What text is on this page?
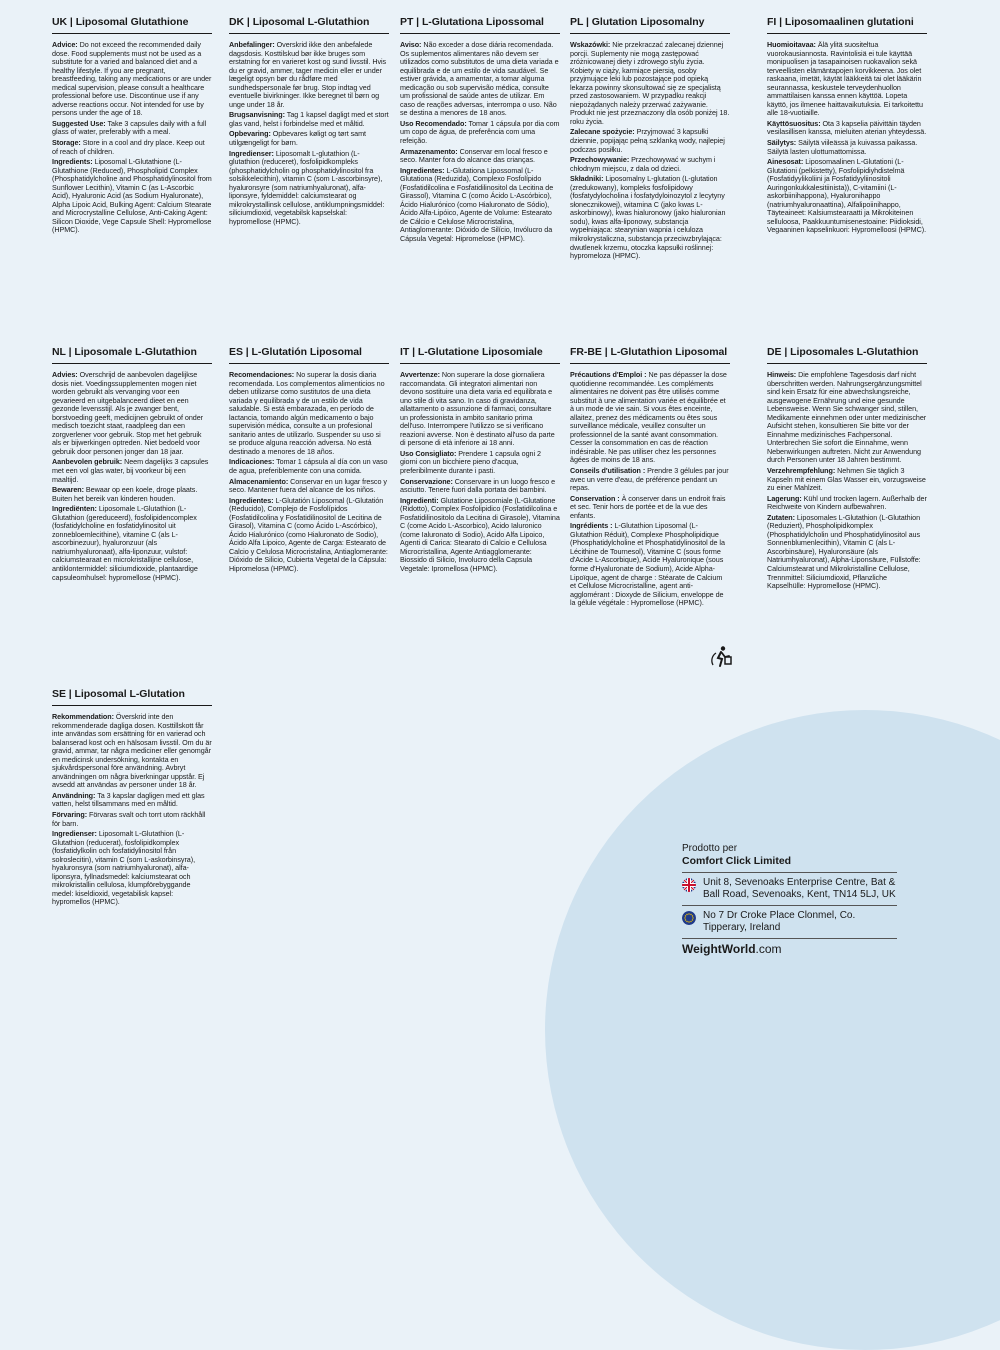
UK | Liposomal Glutathione

Advice: Do not exceed the recommended daily dose. Food supplements must not be used as a substitute for a varied and balanced diet and a healthy lifestyle. If you are pregnant, breastfeeding, taking any medications or are under medical supervision, please consult a healthcare professional before use. Discontinue use if any adverse reactions occur. Not intended for use by persons under the age of 18.

Suggested Use: Take 3 capsules daily with a full glass of water, preferably with a meal.

Storage: Store in a cool and dry place. Keep out of reach of children.

Ingredients: Liposomal L-Glutathione (L-Glutathione (Reduced), Phospholipid Complex (Phosphatidylcholine and Phosphatidylinositol from Sunflower Lecithin), Vitamin C (as L-Ascorbic Acid), Hyaluronic Acid (as Sodium Hyaluronate), Alpha Lipoic Acid, Bulking Agent: Calcium Stearate and Microcrystalline Cellulose, Anti-Caking Agent: Silicon Dioxide, Vege Capsule Shell: Hypromellose (HPMC).

DK | Liposomal L-Glutathion

Anbefalinger: Overskrid ikke den anbefalede dagsdosis. Kosttilskud bør ikke bruges som erstatning for en varieret kost og sund livsstil. Hvis du er gravid, ammer, tager medicin eller er under lægeligt opsyn bør du rådføre med sundhedspersonale før brug. Stop indtag ved eventuelle bivirkninger. Ikke beregnet til børn og unge under 18 år.

Brugsanvisning: Tag 1 kapsel dagligt med et stort glas vand, helst i forbindelse med et måltid.

Opbevaring: Opbevares køligt og tørt samt utilgængeligt for børn.

Ingredienser: Liposomalt L-glutathion (L-glutathion (reduceret), fosfolipidkompleks (phosphatidylcholin og phosphatidylinositol fra solsikkelecithin), vitamin C (som L-ascorbinsyre), hyaluronsyre (som natriumhyaluronat), alfa-liponsyre, fyldemiddel: calciumstearat og mikrokrystallinsk cellulose, antiklumpningsmiddel: siliciumdioxid, vegetabilsk kapselskal: hypromellose (HPMC).

PT | L-Glutationa Lipossomal

Aviso: Não exceder a dose diária recomendada. Os suplementos alimentares não devem ser utilizados como substitutos de uma dieta variada e equilibrada e de um estilo de vida saudável. Se estiver grávida, a amamentar, a tomar alguma medicação ou sob supervisão médica, consulte um profissional de saúde antes de utilizar. Em caso de reações adversas, interrompa o uso. Não se destina a menores de 18 anos.

Uso Recomendado: Tomar 1 cápsula por dia com um copo de água, de preferência com uma refeição.

Armazenamento: Conservar em local fresco e seco. Manter fora do alcance das crianças.

Ingredientes: L-Glutationa Lipossomal (L-Glutationa (Reduzida), Complexo Fosfolípido (Fosfatidilcolina e Fosfatidilinositol da Lecitina de Girassol), Vitamina C (como Ácido L-Ascórbico), Ácido Hialurónico (como Hialuronato de Sódio), Ácido Alfa-Lipóico, Agente de Volume: Estearato de Cálcio e Celulose Microcristalina, Antiaglomerante: Dióxido de Silício, Invólucro da Cápsula Vegetal: Hipromelose (HPMC).

PL | Glutation Liposomalny

Wskazówki: Nie przekraczać zalecanej dziennej porcji. Suplementy nie mogą zastępować zróżnicowanej diety i zdrowego stylu życia. Kobiety w ciąży, karmiące piersią, osoby przyjmujące leki lub pozostające pod opieką lekarza powinny skonsultować się ze specjalistą przed zastosowaniem. W przypadku reakcji niepożądanych należy przerwać zażywanie. Produkt nie jest przeznaczony dla osób poniżej 18. roku życia.

Zalecane spożycie: Przyjmować 3 kapsułki dziennie, popijając pełną szklanką wody, najlepiej podczas posiłku.

Przechowywanie: Przechowywać w suchym i chłodnym miejscu, z dala od dzieci.

Składniki: Liposomalny L-glutation (L-glutation (zredukowany), kompleks fosfolipidowy (fosfatydylocholina i fosfatydyloinozytol z lecytyny słonecznikowej), witamina C (jako kwas L-askorbinowy), kwas hialuronowy (jako hialuronian sodu), kwas alfa-liponowy, substancja wypełniająca: stearynian wapnia i celuloza mikrokrystaliczna, substancja przeciwzbrylająca: dwutlenek krzemu, otoczka kapsułki roślinnej: hypromeloza (HPMC).

FI | Liposomaalinen glutationi

Huomioitavaa: Älä ylitä suositeltua vuorokausiannosta. Ravintolisiä ei tule käyttää monipuolisen ja tasapainoisen ruokavalion sekä terveellisten elämäntapojen korvikkeena. Jos olet raskaana, imetät, käytät lääkkeitä tai olet lääkärin seurannassa, keskustele terveydenhuollon ammattilaisen kanssa ennen käyttöä. Lopeta käyttö, jos ilmenee haittavaikutuksia. Ei tarkoitettu alle 18-vuotiaille.

Käyttösuositus: Ota 3 kapselia päivittäin täyden vesilasillisen kanssa, mieluiten aterian yhteydessä.

Säilytys: Säilytä viileässä ja kuivassa paikassa. Säilytä lasten ulottumattomissa.

Ainesosat: Liposomaalinen L-Glutationi (L-Glutationi (pelkistetty), Fosfolipidiyhdistelmä (Fosfatidyylikoliini ja Fosfatidyyliinositoli Auringonkukkalesitiinista)), C-vitamiini (L-askorbiinihappona), Hyaluronihappo (natriumhyaluronaattina), Alfalipoiinihappo, Täyteaineet: Kalsiumstearaatti ja Mikrokiteinen selluloosa, Paakkuuntumisenestoaine: Piidioksidi, Vegaaninen kapselinkuori: Hypromelloosi (HPMC).

NL | Liposomale L-Glutathion

Advies: Overschrijd de aanbevolen dagelijkse dosis niet. Voedingssupplementen mogen niet worden gebruikt als vervanging voor een gevarieerd en uitgebalanceerd dieet en een gezonde levensstijl. Als je zwanger bent, borstvoeding geeft, medicijnen gebruikt of onder medisch toezicht staat, raadpleeg dan een zorgverlener voor gebruik. Stop met het gebruik als er bijwerkingen optreden. Niet bedoeld voor gebruik door personen jonger dan 18 jaar.

Aanbevolen gebruik: Neem dagelijks 3 capsules met een vol glas water, bij voorkeur bij een maaltijd.

Bewaren: Bewaar op een koele, droge plaats. Buiten het bereik van kinderen houden.

Ingrediënten: Liposomale L-Glutathion (L-Glutathion (gereduceerd), fosfolipidencomplex (fosfatidylcholine en fosfatidylinositol uit zonnebloemlecithine), vitamine C (als L-ascorbinezuur), hyaluronzuur (als natriumhyaluronaat), alfa-liponzuur, vulstof: calciumstearaat en microkristallijne cellulose, antiklontermiddel: siliciumdioxide, plantaardige capsuleomhulsel: hypromellose (HPMC).

ES | L-Glutatión Liposomal

Recomendaciones: No superar la dosis diaria recomendada. Los complementos alimenticios no deben utilizarse como sustitutos de una dieta variada y equilibrada y de un estilo de vida saludable. Si está embarazada, en período de lactancia, tomando algún medicamento o bajo supervisión médica, consulte a un profesional sanitario antes de utilizarlo. Suspender su uso si se produce alguna reacción adversa. No está destinado a menores de 18 años.

Indicaciones: Tomar 1 cápsula al día con un vaso de agua, preferiblemente con una comida.

Almacenamiento: Conservar en un lugar fresco y seco. Mantener fuera del alcance de los niños.

Ingredientes: L-Glutatión Liposomal (L-Glutatión (Reducido), Complejo de Fosfolípidos (Fosfatidilcolina y Fosfatidilinositol de Lecitina de Girasol), Vitamina C (como Ácido L-Ascórbico), Ácido Hialurónico (como Hialuronato de Sodio), Ácido Alfa Lipoico, Agente de Carga: Estearato de Calcio y Celulosa Microcristalina, Antiaglomerante: Dióxido de Silicio, Cubierta Vegetal de la Cápsula: Hipromelosa (HPMC).

IT | L-Glutatione Liposomiale

Avvertenze: Non superare la dose giornaliera raccomandata. Gli integratori alimentari non devono sostituire una dieta varia ed equilibrata e uno stile di vita sano. In caso di gravidanza, allattamento o assunzione di farmaci, consultare un professionista in ambito sanitario prima dell'uso. Interrompere l'utilizzo se si verificano reazioni avverse. Non è destinato all'uso da parte di persone di età inferiore ai 18 anni.

Uso Consigliato: Prendere 1 capsula ogni 2 giorni con un bicchiere pieno d'acqua, preferibilmente durante i pasti.

Conservazione: Conservare in un luogo fresco e asciutto. Tenere fuori dalla portata dei bambini.

Ingredienti: Glutatione Liposomiale (L-Glutatione (Ridotto), Complex Fosfolipidico (Fosfatidilcolina e Fosfatidilinositolo da Lecitina di Girasole), Vitamina C (come Acido L-Ascorbico), Acido Ialuronico (come Ialuronato di Sodio), Acido Alfa Lipoico, Agenti di Carica: Stearato di Calcio e Cellulosa Microcristallina, Agente Antiagglomerante: Biossido di Silicio, Involucro della Capsula Vegetale: Ipromellosa (HPMC).

FR-BE | L-Glutathion Liposomal

Précautions d'Emploi : Ne pas dépasser la dose quotidienne recommandée. Les compléments alimentaires ne doivent pas être utilisés comme substitut à une alimentation variée et équilibrée et à un mode de vie sain. Si vous êtes enceinte, allaitez, prenez des médicaments ou êtes sous surveillance médicale, veuillez consulter un professionnel de la santé avant consommation. Cesser la consommation en cas de réaction indésirable. Ne pas utiliser chez les personnes âgées de moins de 18 ans.

Conseils d'utilisation : Prendre 3 gélules par jour avec un verre d'eau, de préférence pendant un repas.

Conservation : À conserver dans un endroit frais et sec. Tenir hors de portée et de la vue des enfants.

Ingrédients : L-Glutathion Liposomal (L-Glutathion Réduit), Complexe Phospholipidique (Phosphatidylcholine et Phosphatidylinositol de la Lécithine de Tournesol), Vitamine C (sous forme d'Acide L-Ascorbique), Acide Hyaluronique (sous forme d'Hyaluronate de Sodium), Acide Alpha-Lipoïque, agent de charge : Stéarate de Calcium et Cellulose Microcristalline, agent anti-agglomérant : Dioxyde de Silicium, enveloppe de la gélule végétale : Hypromellose (HPMC).

DE | Liposomales L-Glutathion

Hinweis: Die empfohlene Tagesdosis darf nicht überschritten werden. Nahrungsergänzungsmittel sind kein Ersatz für eine abwechslungsreiche, ausgewogene Ernährung und eine gesunde Lebensweise. Wenn Sie schwanger sind, stillen, Medikamente einnehmen oder unter medizinischer Aufsicht stehen, konsultieren Sie bitte vor der Einnahme medizinisches Fachpersonal. Unterbrechen Sie sofort die Einnahme, wenn Nebenwirkungen auftreten. Nicht zur Anwendung durch Personen unter 18 Jahren bestimmt.

Verzehrempfehlung: Nehmen Sie täglich 3 Kapseln mit einem Glas Wasser ein, vorzugsweise zu einer Mahlzeit.

Lagerung: Kühl und trocken lagern. Außerhalb der Reichweite von Kindern aufbewahren.

Zutaten: Liposomales L-Glutathion (L-Glutathion (Reduziert), Phospholipidkomplex (Phosphatidylcholin und Phosphatidylinositol aus Sonnenblumenlecithin), Vitamin C (als L-Ascorbinsäure), Hyaluronsäure (als Natriumhyaluronat), Alpha-Liponsäure, Füllstoffe: Calciumstearat und Mikrokristalline Cellulose, Trennmittel: Siliciumdioxid, Pflanzliche Kapselhülle: Hypromellose (HPMC).

SE | Liposomal L-Glutation

Rekommendation: Överskrid inte den rekommenderade dagliga dosen. Kosttillskott får inte användas som ersättning för en varierad och balanserad kost och en hälsosam livsstil. Om du är gravid, ammar, tar några mediciner eller genomgår en medicinsk undersökning, kontakta en sjukvårdspersonal före användning. Avbryt användningen om några biverkningar uppstår. Ej avsedd att användas av personer under 18 år.

Användning: Ta 3 kapslar dagligen med ett glas vatten, helst tillsammans med en måltid.

Förvaring: Förvaras svalt och torrt utom räckhåll för barn.

Ingredienser: Liposomalt L-Glutathion (L-Glutathion (reducerat), fosfolipidkomplex (fosfatidylkolin och fosfatidylinositol från solroslecitin), vitamin C (som L-askorbinsyra), hyaluronsyra (som natriumhyaluronat), alfa-liponsyra, fyllnadsmedel: kalciumstearat och mikrokristallin cellulosa, klumpförebyggande medel: kiseldioxid, vegetabilisk kapsel: hypromellos (HPMC).

Prodotto per
Comfort Click Limited
Unit 8, Sevenoaks Enterprise Centre, Bat & Ball Road, Sevenoaks, Kent, TN14 5LJ, UK
No 7 Dr Croke Place Clonmel, Co. Tipperary, Ireland
WeightWorld.com
